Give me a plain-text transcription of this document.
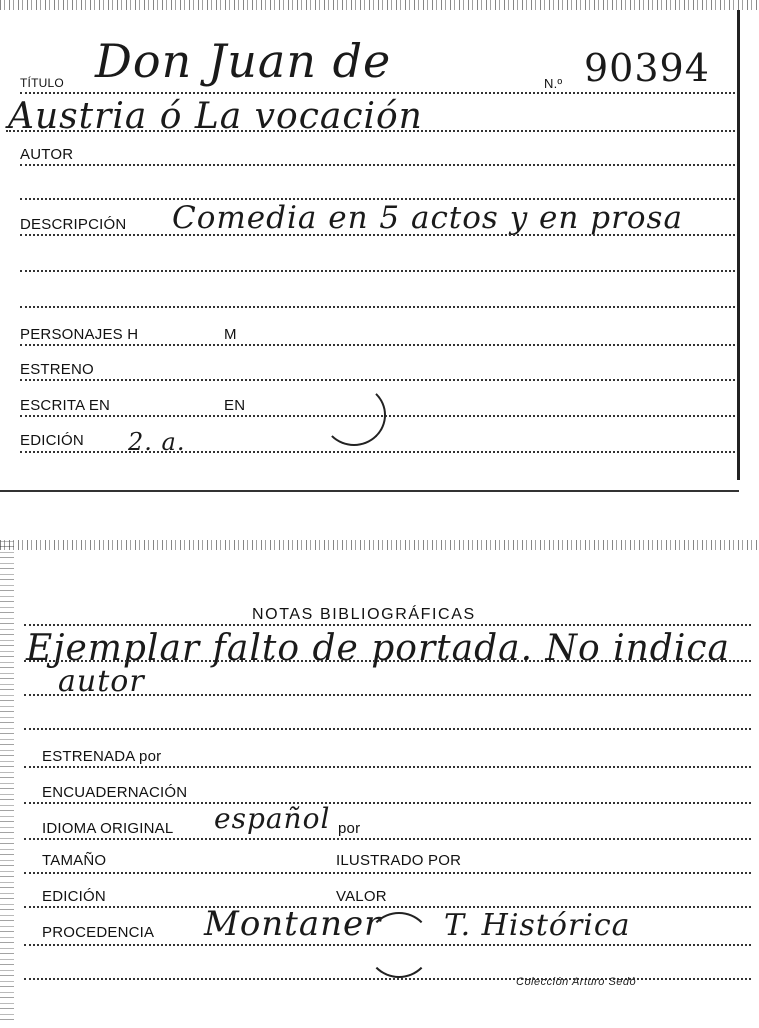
TÍTULO Don Juan de	N.º 90394
Austria ó La vocación
AUTOR
DESCRIPCIÓN Comedia en 5 actos y en prosa
PERSONAJES H	M
ESTRENO
ESCRITA EN	EN
EDICIÓN 2. a.
NOTAS BIBLIOGRÁFICAS
Ejemplar falto de portada. No indica
autor
ESTRENADA por
ENCUADERNACIÓN
IDIOMA ORIGINAL español por
TAMAÑO	ILUSTRADO POR
EDICIÓN	VALOR
PROCEDENCIA Montaner T. Histórica
Colección Arturo Sedó
